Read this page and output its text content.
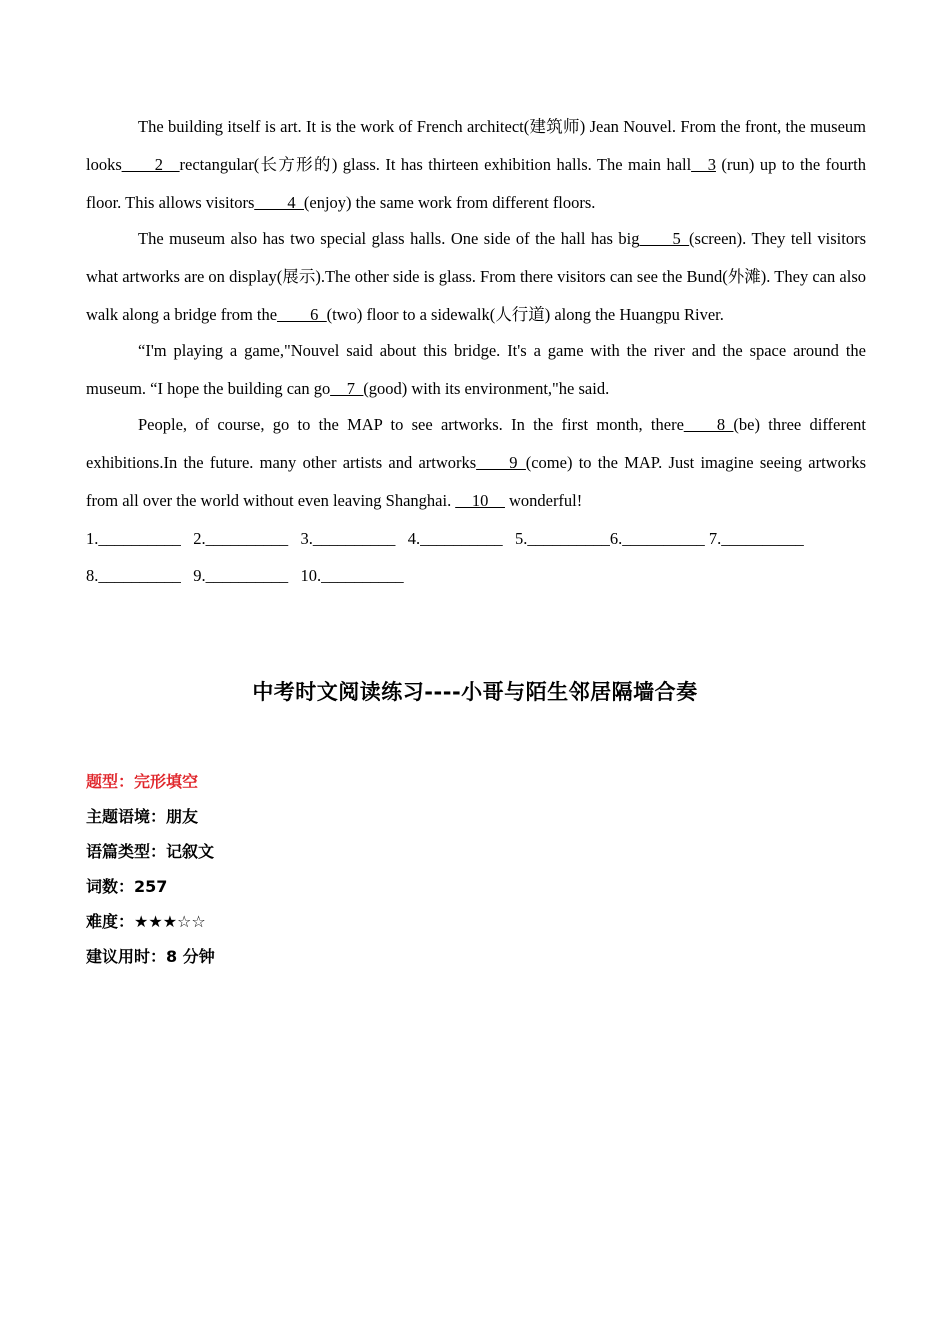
The building itself is art. It is the work of French architect(建筑师) Jean Nouvel. From the front, the museum looks____2__rectangular(长方形的) glass. It has thirteen exhibition halls. The main hall__3 (run) up to the fourth floor. This allows visitors____4_(enjoy) the same work from different floors.

The museum also has two special glass halls. One side of the hall has big____5_(screen). They tell visitors what artworks are on display(展示).The other side is glass. From there visitors can see the Bund(外滩). They can also walk along a bridge from the____6_(two) floor to a sidewalk(人行道) along the Huangpu River.

“I'm playing a game,"Nouvel said about this bridge. It's a game with the river and the space around the museum. “I hope the building can go__7_(good) with its environment,"he said.

People, of course, go to the MAP to see artworks. In the first month, there____8_(be) three different exhibitions.In the future. many other artists and artworks____9_(come) to the MAP. Just imagine seeing artworks from all over the world without even leaving Shanghai. __10__ wonderful!

1.__________   2.__________   3.__________   4.__________   5.__________6.__________ 7.__________

8.__________   9.__________   10.__________

中考时文阅读练习----小哥与陌生邻居隔墙合奏
题型：完形填空
主题语境：朋友
语篇类型：记叙文
词数：257
难度：★★★☆☆
建议用时：8 分钟
